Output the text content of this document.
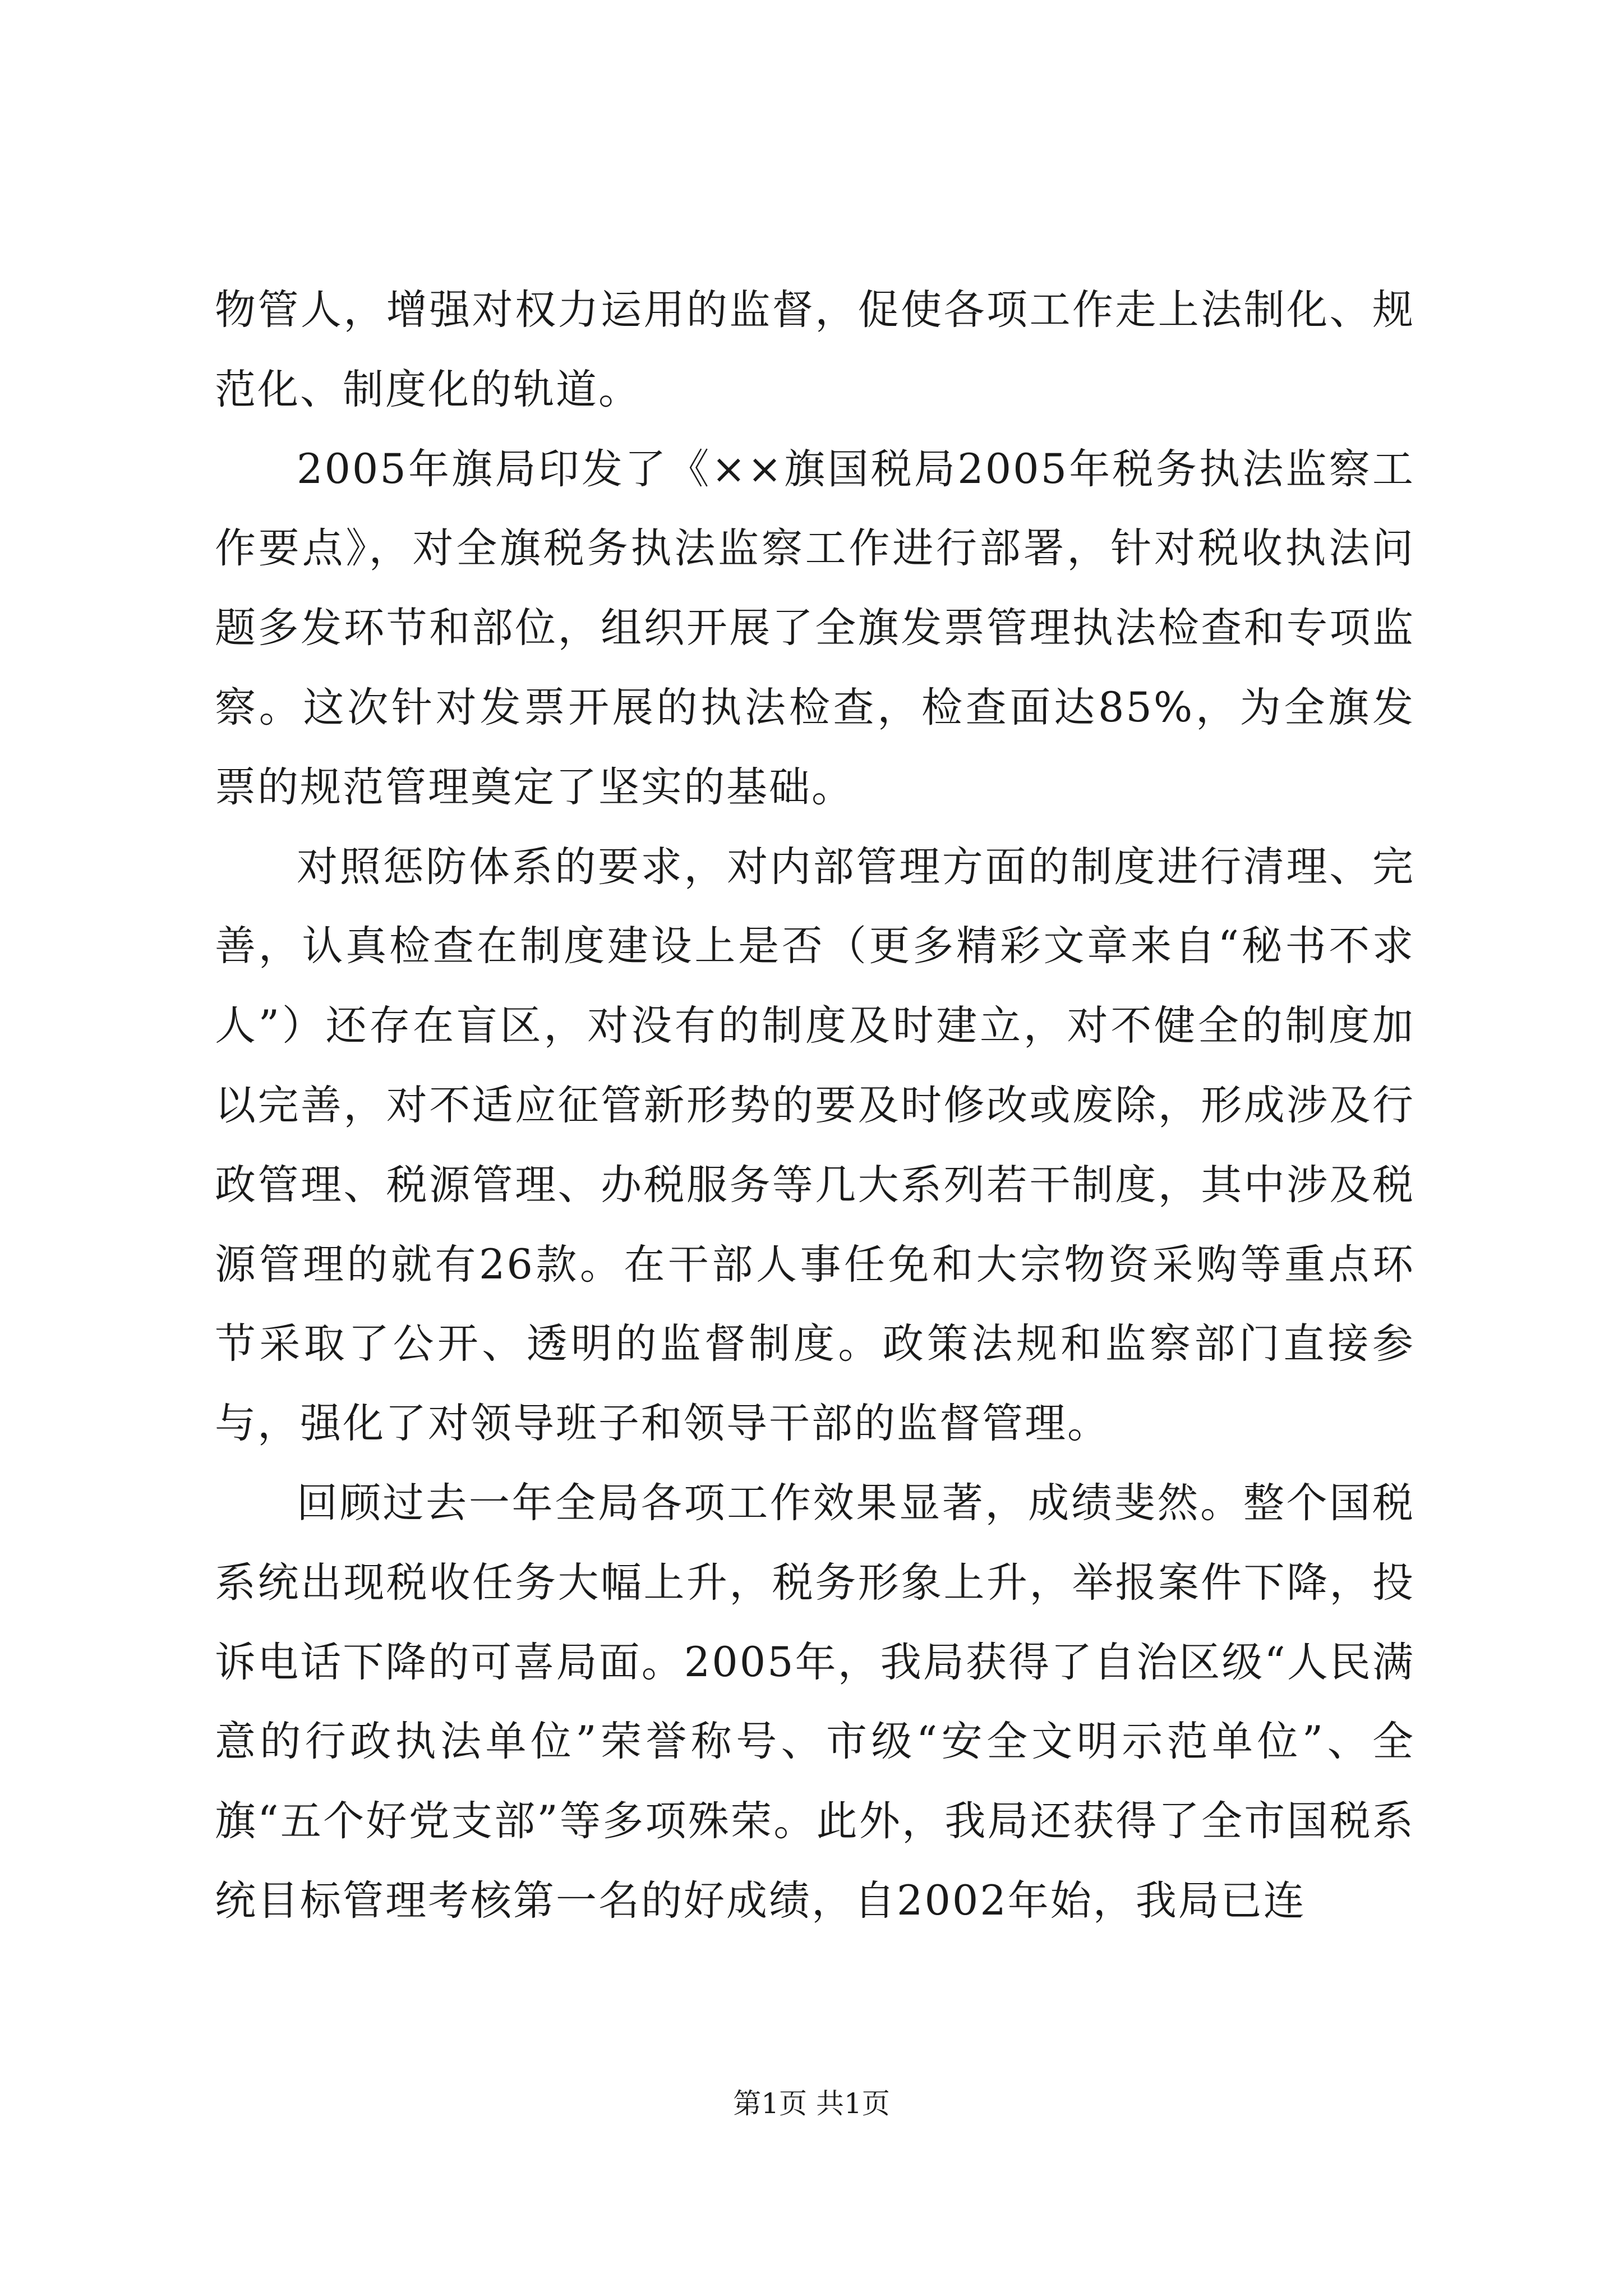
物管人，增强对权力运用的监督，促使各项工作走上法制化、规范化、制度化的轨道。

2005年旗局印发了《××旗国税局2005年税务执法监察工作要点》，对全旗税务执法监察工作进行部署，针对税收执法问题多发环节和部位，组织开展了全旗发票管理执法检查和专项监察。这次针对发票开展的执法检查，检查面达85%，为全旗发票的规范管理奠定了坚实的基础。

对照惩防体系的要求，对内部管理方面的制度进行清理、完善，认真检查在制度建设上是否（更多精彩文章来自“秘书不求人”）还存在盲区，对没有的制度及时建立，对不健全的制度加以完善，对不适应征管新形势的要及时修改或废除，形成涉及行政管理、税源管理、办税服务等几大系列若干制度，其中涉及税源管理的就有26款。在干部人事任免和大宗物资采购等重点环节采取了公开、透明的监督制度。政策法规和监察部门直接参与，强化了对领导班子和领导干部的监督管理。

回顾过去一年全局各项工作效果显著，成绩斐然。整个国税系统出现税收任务大幅上升，税务形象上升，举报案件下降，投诉电话下降的可喜局面。2005年，我局获得了自治区级“人民满意的行政执法单位”荣誉称号、市级“安全文明示范单位”、全旗“五个好党支部”等多项殊荣。此外，我局还获得了全市国税系统目标管理考核第一名的好成绩，自2002年始，我局已连

第1页 共1页
